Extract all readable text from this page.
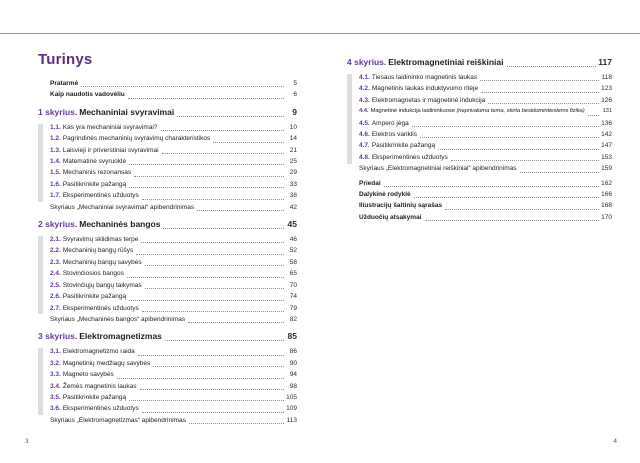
Turinys
Pratarmė	5
Kaip naudotis vadovėliu	6
1 skyrius. Mechaniniai svyravimai	9
1.1. Kas yra mechaniniai svyravimai?	10
1.2. Pagrindinės mechaninių svyravimų charakteristikos	14
1.3. Laisvieji ir priverstiniai svyravimai	21
1.4. Matematinė svyruoklė	25
1.5. Mechaninis rezonansas	29
1.6. Pasitikrinkite pažangą	33
1.7. Eksperimentinės užduotys	38
Skyriaus „Mechaniniai svyravimai“ apibendrinimas	42
2 skyrius. Mechaninės bangos	45
2.1. Svyravimų sklidimas terpe	46
2.2. Mechaninių bangų rūšys	52
2.3. Mechaninių bangų savybės	58
2.4. Stovinčiosios bangos	65
2.5. Stovinčiųjų bangų taikymas	70
2.6. Pasitikrinkite pažangą	74
2.7. Eksperimentinės užduotys	79
Skyriaus „Mechaninės bangos“ apibendrinimas	82
3 skyrius. Elektromagnetizmas	85
3.1. Elektromagnetizmo raida	86
3.2. Magnetinių medžiagų savybės	90
3.3. Magneto savybės	94
3.4. Žemės magnetinis laukas	98
3.5. Pasitikrinkite pažangą	105
3.6. Eksperimentinės užduotys	109
Skyriaus „Elektromagnetizmas“ apibendrinimas	113
4 skyrius. Elektromagnetiniai reiškiniai	117
4.1. Tiesaus laidininko magnetinis laukas	118
4.2. Magnetinis laukas induktyvumo ritėje	123
4.3. Elektromagnetas ir magnetinė indukcija	126
4.4. Magnetinė indukcija laidininkuose (neprivaloma tema, skirta besidomintiesiems fizika)	131
4.5. Ampero jėga	136
4.6. Elektros variklis	142
4.7. Pasitikrinkite pažangą	147
4.8. Eksperimentinės užduotys	153
Skyriaus „Elektromagnetiniai reiškiniai“ apibendrinimas	159
Priedai	162
Dalykinė rodyklė	166
Iliustracijų šaltinių sąrašas	168
Užduočių atsakymai	170
3	4
